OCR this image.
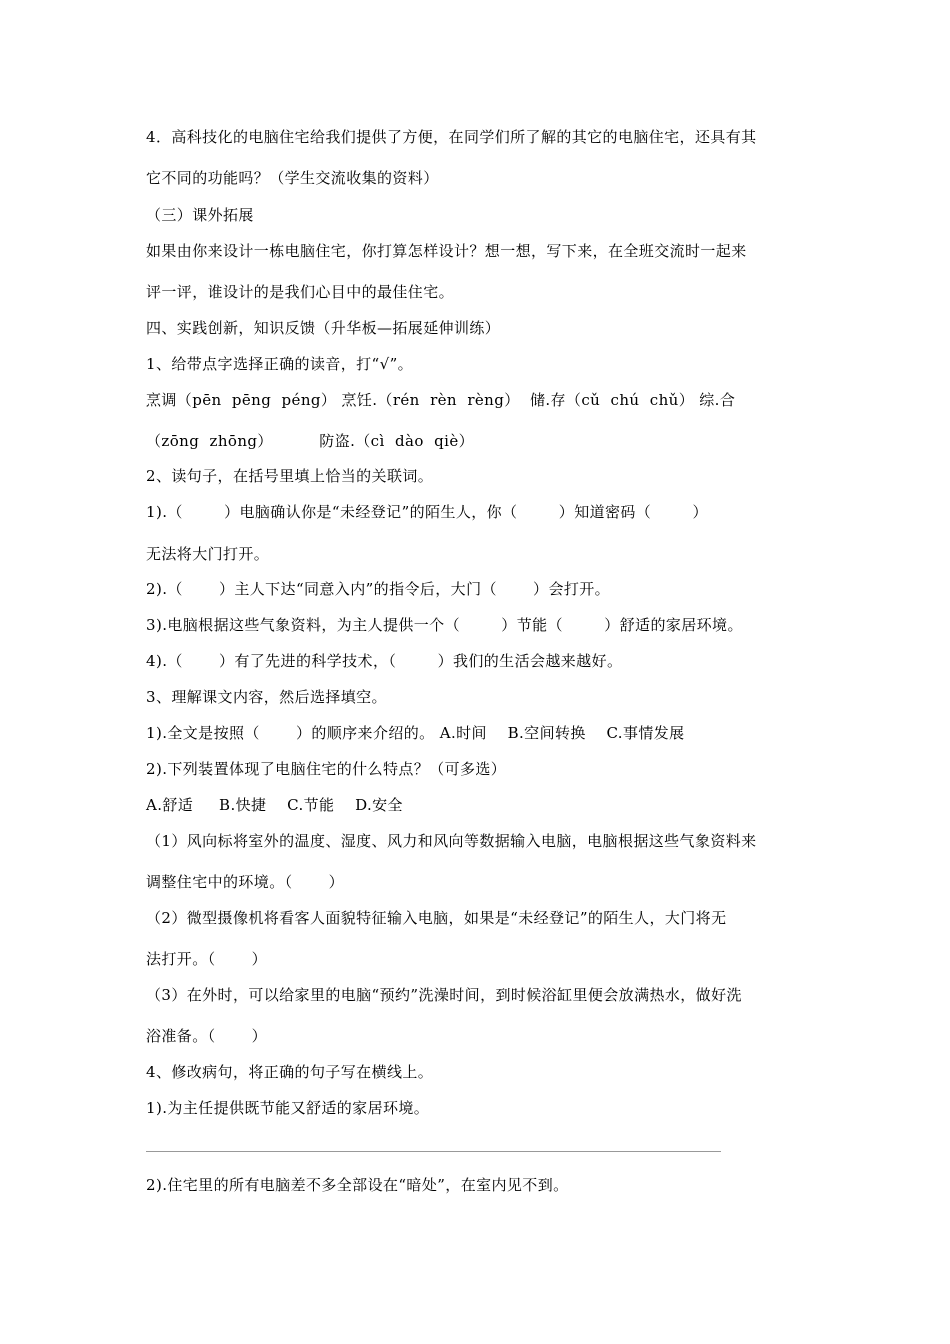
4．高科技化的电脑住宅给我们提供了方便，在同学们所了解的其它的电脑住宅，还具有其
它不同的功能吗？（学生交流收集的资料）
（三）课外拓展
如果由你来设计一栋电脑住宅，你打算怎样设计？想一想，写下来，在全班交流时一起来
评一评，谁设计的是我们心目中的最佳住宅。
四、实践创新，知识反馈（升华板—拓展延伸训练）
1、给带点字选择正确的读音，打“√”。
烹调（pēn  pēng  péng） 烹饪.（rén  rèn  rèng）  储.存（cǔ  chú  chǔ） 综.合
（zōng  zhōng）         防盗.（cì  dào  qiè）
2、读句子，在括号里填上恰当的关联词。
1).（        ）电脑确认你是“未经登记”的陌生人，你（        ）知道密码（        ）
无法将大门打开。
2).（       ）主人下达“同意入内”的指令后，大门（       ）会打开。
3).电脑根据这些气象资料，为主人提供一个（        ）节能（        ）舒适的家居环境。
4).（       ）有了先进的科学技术，（        ）我们的生活会越来越好。
3、理解课文内容，然后选择填空。
1).全文是按照（       ）的顺序来介绍的。 A.时间    B.空间转换    C.事情发展
2).下列装置体现了电脑住宅的什么特点？（可多选）
A.舒适     B.快捷    C.节能    D.安全
（1）风向标将室外的温度、湿度、风力和风向等数据输入电脑，电脑根据这些气象资料来
调整住宅中的环境。（       ）
（2）微型摄像机将看客人面貌特征输入电脑，如果是“未经登记”的陌生人，大门将无
法打开。（       ）
（3）在外时，可以给家里的电脑“预约”洗澡时间，到时候浴缸里便会放满热水，做好洗
浴准备。（       ）
4、修改病句，将正确的句子写在横线上。
1).为主任提供既节能又舒适的家居环境。
2).住宅里的所有电脑差不多全部设在“暗处”，在室内见不到。
